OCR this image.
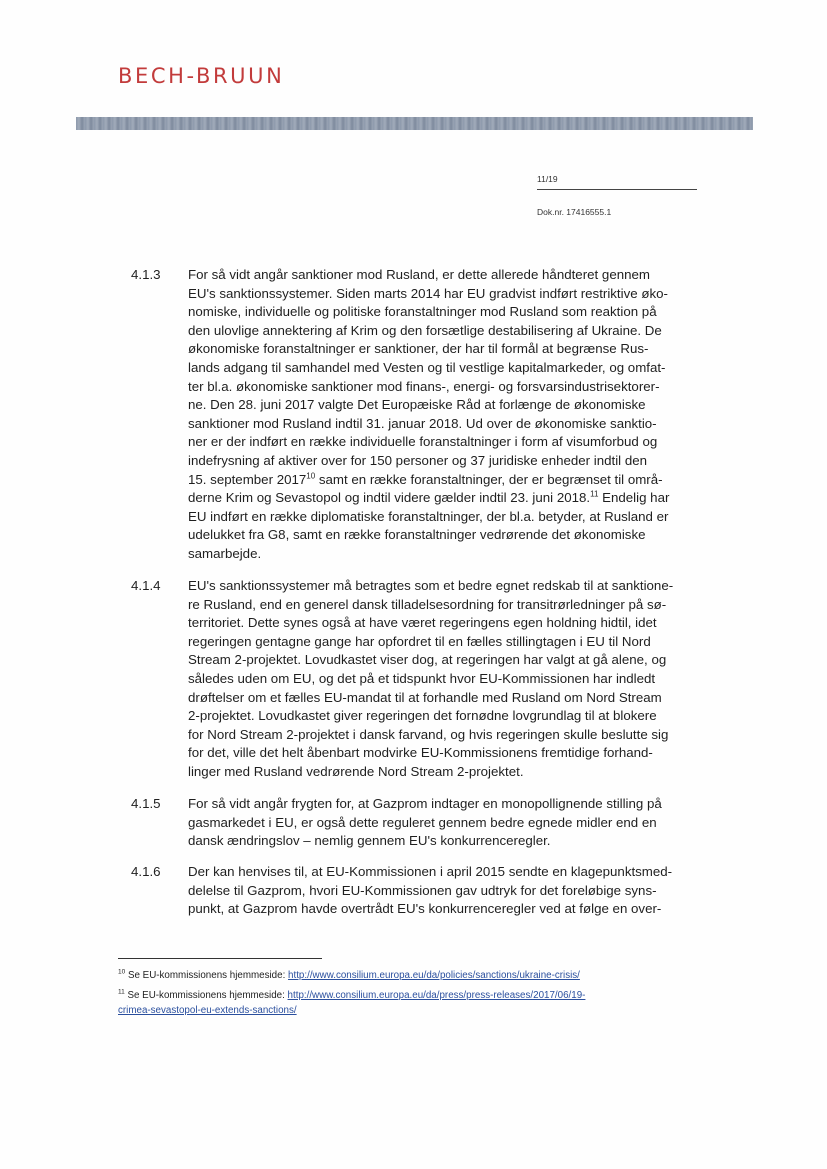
BECH-BRUUN
11/19
Dok.nr. 17416555.1
4.1.3 For så vidt angår sanktioner mod Rusland, er dette allerede håndteret gennem

EU's sanktionssystemer. Siden marts 2014 har EU gradvist indført restriktive øko-

nomiske, individuelle og politiske foranstaltninger mod Rusland som reaktion på

den ulovlige annektering af Krim og den forsætlige destabilisering af Ukraine. De

økonomiske foranstaltninger er sanktioner, der har til formål at begrænse Rus-

lands adgang til samhandel med Vesten og til vestlige kapitalmarkeder, og omfat-

ter bl.a. økonomiske sanktioner mod finans-, energi- og forsvarsindustrisektorer-

ne. Den 28. juni 2017 valgte Det Europæiske Råd at forlænge de økonomiske

sanktioner mod Rusland indtil 31. januar 2018. Ud over de økonomiske sanktio-

ner er der indført en række individuelle foranstaltninger i form af visumforbud og

indefrysning af aktiver over for 150 personer og 37 juridiske enheder indtil den

15. september 2017$^{10}$ samt en række foranstaltninger, der er begrænset til områ-

derne Krim og Sevastopol og indtil videre gælder indtil 23. juni 2018.11 Endelig har

EU indført en række diplomatiske foranstaltninger, der bl.a. betyder, at Rusland er

udelukket fra G8, samt en række foranstaltninger vedrørende det økonomiske

samarbejde.

4.1.4 EU's sanktionssystemer må betragtes som et bedre egnet redskab til at sanktione-

re Rusland, end en generel dansk tilladelsesordning for transitrørledninger på sø-

territoriet. Dette synes også at have været regeringens egen holdning hidtil, idet

regeringen gentagne gange har opfordret til en fælles stillingtagen i EU til Nord

Stream 2-projektet. Lovudkastet viser dog, at regeringen har valgt at gå alene, og

således uden om EU, og det på et tidspunkt hvor EU-Kommissionen har indledt

drøftelser om et fælles EU-mandat til at forhandle med Rusland om Nord Stream

2-projektet. Lovudkastet giver regeringen det fornødne lovgrundlag til at blokere

for Nord Stream 2-projektet i dansk farvand, og hvis regeringen skulle beslutte sig

for det, ville det helt åbenbart modvirke EU-Kommissionens fremtidige forhand-

linger med Rusland vedrørende Nord Stream 2-projektet.

4.1.5 For så vidt angår frygten for, at Gazprom indtager en monopollignende stilling på

gasmarkedet i EU, er også dette reguleret gennem bedre egnede midler end en

dansk ændringslov – nemlig gennem EU's konkurrenceregler.

4.1.6 Der kan henvises til, at EU-Kommissionen i april 2015 sendte en klagepunktsmed-

delelse til Gazprom, hvori EU-Kommissionen gav udtryk for det foreløbige syns-

punkt, at Gazprom havde overtrådt EU's konkurrenceregler ved at følge en over-

$^{10}$ Se EU-kommissionens hjemmeside: http://www.consilium.europa.eu/da/policies/sanctions/ukraine-crisis/
$^{11}$ Se EU-kommissionens hjemmeside: http://www.consilium.europa.eu/da/press/press-releases/2017/06/19-
crimea-sevastopol-eu-extends-sanctions/
